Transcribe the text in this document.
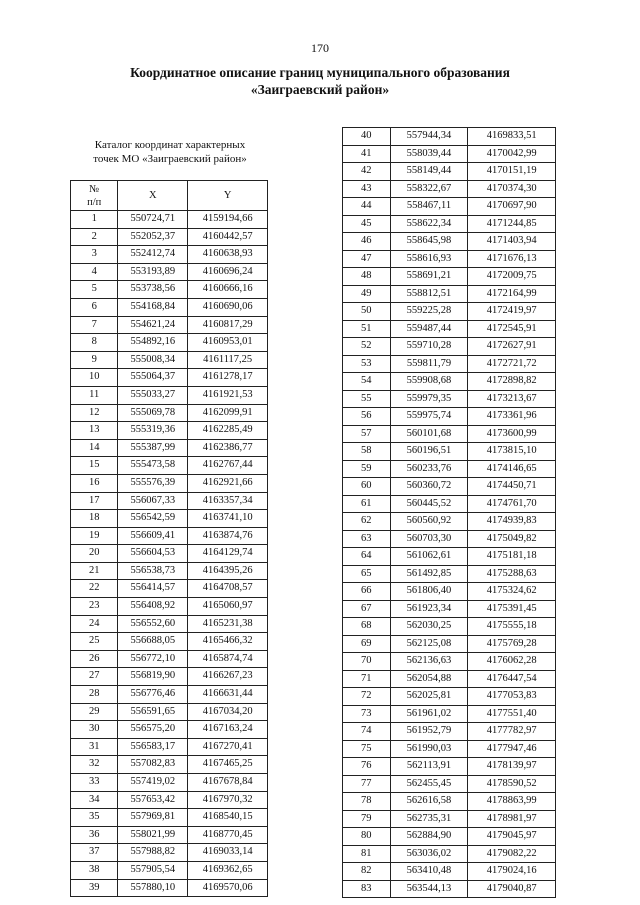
170
Координатное описание границ муниципального образования
«Заиграевский район»
Каталог координат характерных
точек МО «Заиграевский район»
№
п/п	X	Y
1	550724,71	4159194,66
2	552052,37	4160442,57
3	552412,74	4160638,93
4	553193,89	4160696,24
5	553738,56	4160666,16
6	554168,84	4160690,06
7	554621,24	4160817,29
8	554892,16	4160953,01
9	555008,34	4161117,25
10	555064,37	4161278,17
11	555033,27	4161921,53
12	555069,78	4162099,91
13	555319,36	4162285,49
14	555387,99	4162386,77
15	555473,58	4162767,44
16	555576,39	4162921,66
17	556067,33	4163357,34
18	556542,59	4163741,10
19	556609,41	4163874,76
20	556604,53	4164129,74
21	556538,73	4164395,26
22	556414,57	4164708,57
23	556408,92	4165060,97
24	556552,60	4165231,38
25	556688,05	4165466,32
26	556772,10	4165874,74
27	556819,90	4166267,23
28	556776,46	4166631,44
29	556591,65	4167034,20
30	556575,20	4167163,24
31	556583,17	4167270,41
32	557082,83	4167465,25
33	557419,02	4167678,84
34	557653,42	4167970,32
35	557969,81	4168540,15
36	558021,99	4168770,45
37	557988,82	4169033,14
38	557905,54	4169362,65
39	557880,10	4169570,06
40	557944,34	4169833,51
41	558039,44	4170042,99
42	558149,44	4170151,19
43	558322,67	4170374,30
44	558467,11	4170697,90
45	558622,34	4171244,85
46	558645,98	4171403,94
47	558616,93	4171676,13
48	558691,21	4172009,75
49	558812,51	4172164,99
50	559225,28	4172419,97
51	559487,44	4172545,91
52	559710,28	4172627,91
53	559811,79	4172721,72
54	559908,68	4172898,82
55	559979,35	4173213,67
56	559975,74	4173361,96
57	560101,68	4173600,99
58	560196,51	4173815,10
59	560233,76	4174146,65
60	560360,72	4174450,71
61	560445,52	4174761,70
62	560560,92	4174939,83
63	560703,30	4175049,82
64	561062,61	4175181,18
65	561492,85	4175288,63
66	561806,40	4175324,62
67	561923,34	4175391,45
68	562030,25	4175555,18
69	562125,08	4175769,28
70	562136,63	4176062,28
71	562054,88	4176447,54
72	562025,81	4177053,83
73	561961,02	4177551,40
74	561952,79	4177782,97
75	561990,03	4177947,46
76	562113,91	4178139,97
77	562455,45	4178590,52
78	562616,58	4178863,99
79	562735,31	4178981,97
80	562884,90	4179045,97
81	563036,02	4179082,22
82	563410,48	4179024,16
83	563544,13	4179040,87
